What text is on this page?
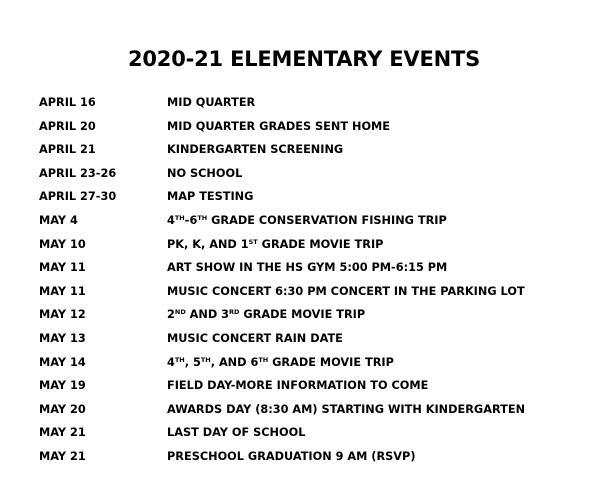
2020-21 ELEMENTARY EVENTS
APRIL 16	MID QUARTER
APRIL 20	MID QUARTER GRADES SENT HOME
APRIL 21	KINDERGARTEN SCREENING
APRIL 23-26	NO SCHOOL
APRIL 27-30	MAP TESTING
MAY 4	4TH-6TH GRADE CONSERVATION FISHING TRIP
MAY 10	PK, K, AND 1ST GRADE MOVIE TRIP
MAY 11	ART SHOW IN THE HS GYM 5:00 PM-6:15 PM
MAY 11	MUSIC CONCERT 6:30 PM CONCERT IN THE PARKING LOT
MAY 12	2ND AND 3RD GRADE MOVIE TRIP
MAY 13	MUSIC CONCERT RAIN DATE
MAY 14	4TH, 5TH, AND 6TH GRADE MOVIE TRIP
MAY 19	FIELD DAY-MORE INFORMATION TO COME
MAY 20	AWARDS DAY (8:30 AM) STARTING WITH KINDERGARTEN
MAY 21	LAST DAY OF SCHOOL
MAY 21	PRESCHOOL GRADUATION 9 AM (RSVP)
